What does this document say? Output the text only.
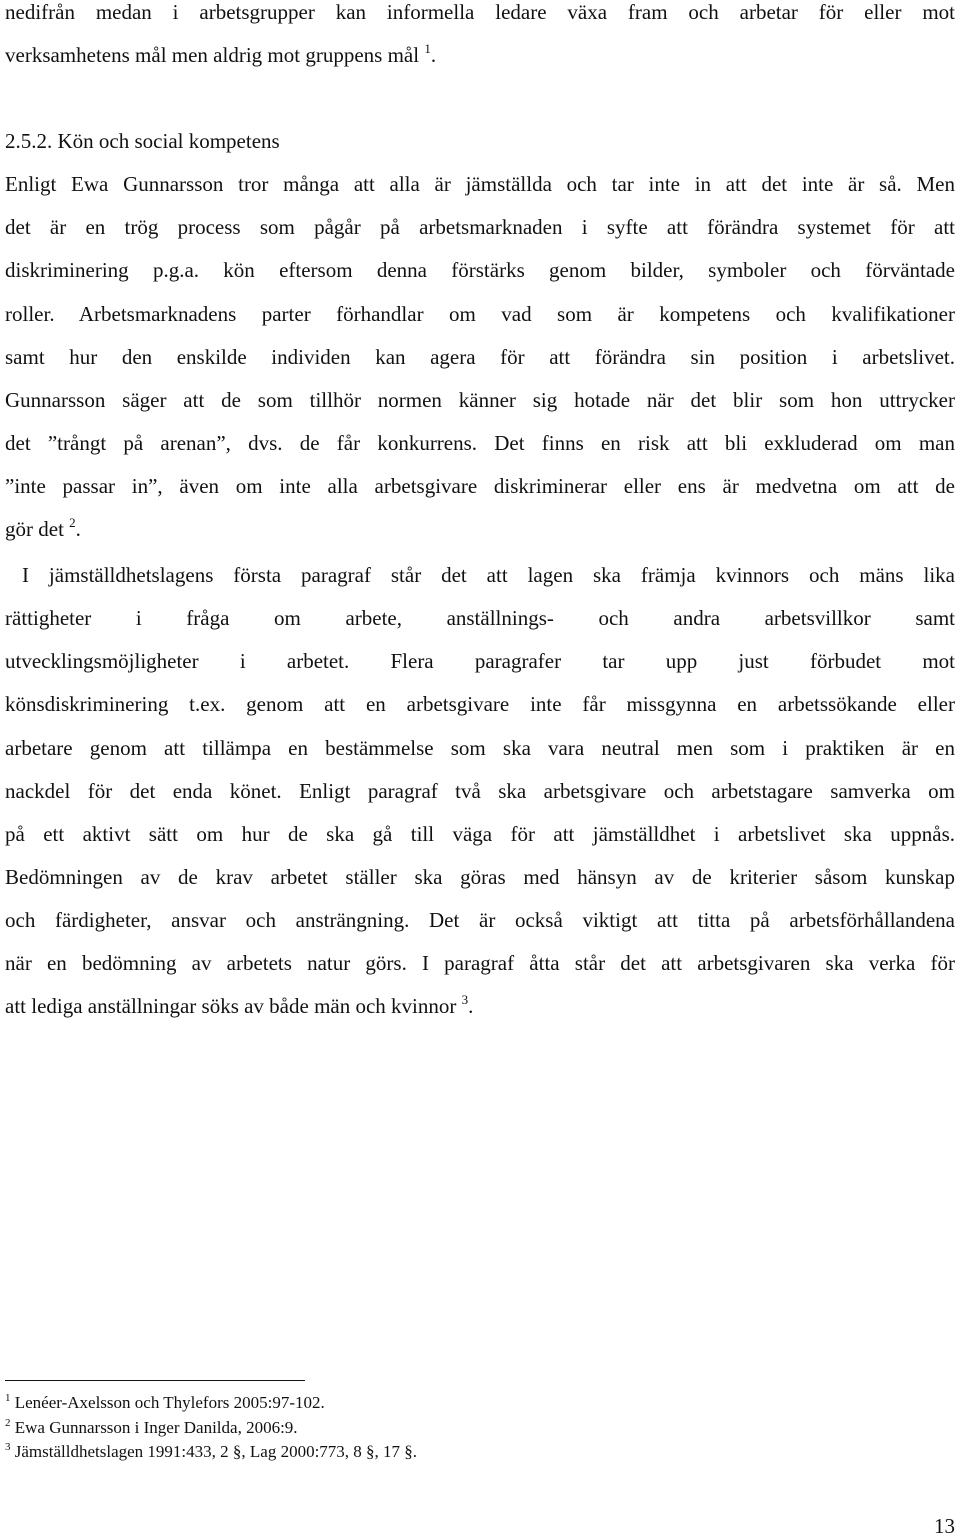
nedifrån medan i arbetsgrupper kan informella ledare växa fram och arbetar för eller mot
verksamhetens mål men aldrig mot gruppens mål $^1$.
2.5.2. Kön och social kompetens
Enligt Ewa Gunnarsson tror många att alla är jämställda och tar inte in att det inte är så. Men
det är en trög process som pågår på arbetsmarknaden i syfte att förändra systemet för att
diskriminering p.g.a. kön eftersom denna förstärks genom bilder, symboler och förväntade
roller. Arbetsmarknadens parter förhandlar om vad som är kompetens och kvalifikationer
samt hur den enskilde individen kan agera för att förändra sin position i arbetslivet.
Gunnarsson säger att de som tillhör normen känner sig hotade när det blir som hon uttrycker
det ”trångt på arenan”, dvs. de får konkurrens. Det finns en risk att bli exkluderad om man
”inte passar in”, även om inte alla arbetsgivare diskriminerar eller ens är medvetna om att de
gör det $^2$.
I jämställdhetslagens första paragraf står det att lagen ska främja kvinnors och mäns lika
rättigheter i fråga om arbete, anställnings- och andra arbetsvillkor samt
utvecklingsmöjligheter i arbetet. Flera paragrafer tar upp just förbudet mot
könsdiskriminering t.ex. genom att en arbetsgivare inte får missgynna en arbetssökande eller
arbetare genom att tillämpa en bestämmelse som ska vara neutral men som i praktiken är en
nackdel för det enda könet. Enligt paragraf två ska arbetsgivare och arbetstagare samverka om
på ett aktivt sätt om hur de ska gå till väga för att jämställdhet i arbetslivet ska uppnås.
Bedömningen av de krav arbetet ställer ska göras med hänsyn av de kriterier såsom kunskap
och färdigheter, ansvar och ansträngning. Det är också viktigt att titta på arbetsförhållandena
när en bedömning av arbetets natur görs. I paragraf åtta står det att arbetsgivaren ska verka för
att lediga anställningar söks av både män och kvinnor $^3$.
$^1$ Lenéer-Axelsson och Thylefors 2005:97-102.
$^2$ Ewa Gunnarsson i Inger Danilda, 2006:9.
$^3$ Jämställdhetslagen 1991:433, 2 §, Lag 2000:773, 8 §, 17 §.
13
